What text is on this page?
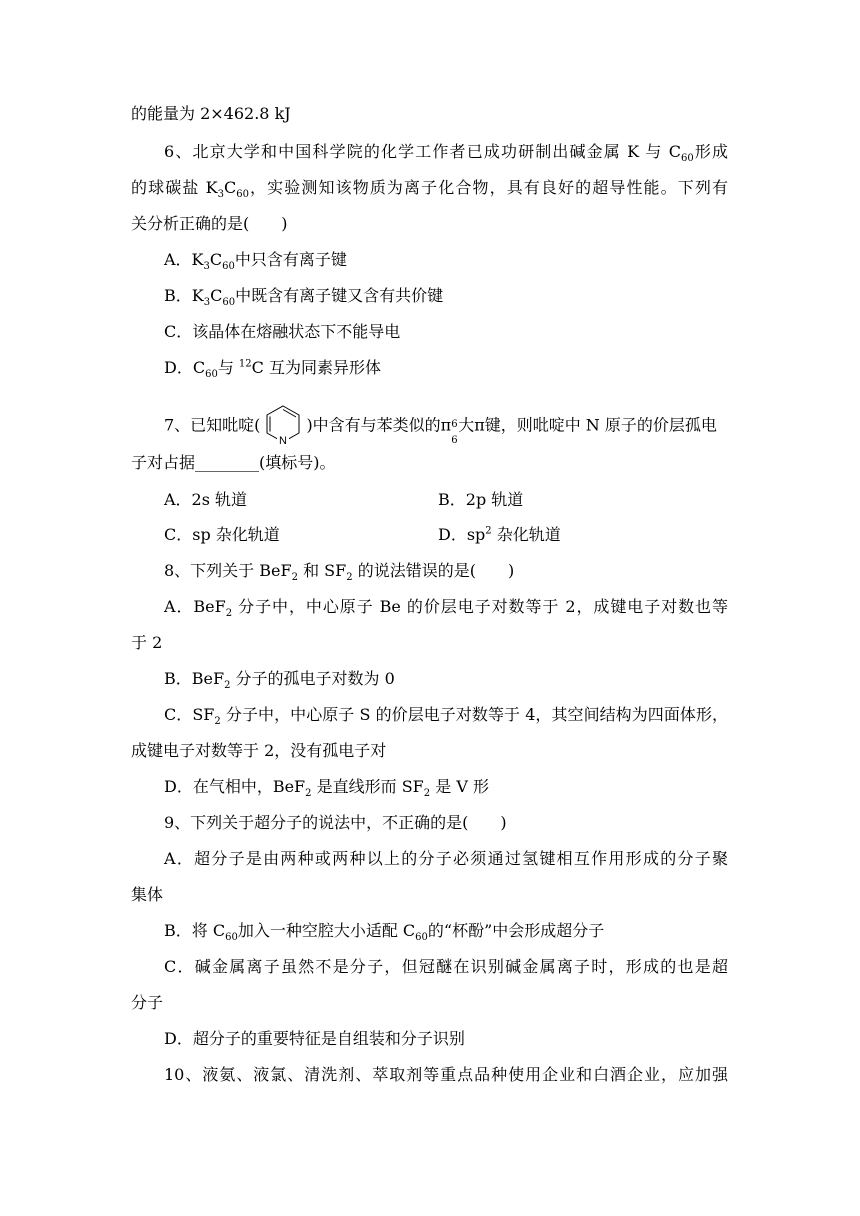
的能量为 2×462.8 kJ
6、北京大学和中国科学院的化学工作者已成功研制出碱金属 K 与 $C_{60}$形成
的球碳盐 $K_3C_{60}$，实验测知该物质为离子化合物，具有良好的超导性能。下列有
关分析正确的是(　　)
A．$K_3C_{60}$中只含有离子键
B．$K_3C_{60}$中既含有离子键又含有共价键
C．该晶体在熔融状态下不能导电
D．$C_{60}$与 $^{12}$C 互为同素异形体
7、已知吡啶(
N
)中含有与苯类似的π 6
6
大π键，则吡啶中 N 原子的价层孤电
子对占据________(填标号)。
A．2s 轨道	B．2p 轨道
C．sp 杂化轨道	D．$sp^2$ 杂化轨道
8、下列关于 BeF$_2$ 和 $SF_2$ 的说法错误的是(　　)
A．BeF$_2$ 分子中，中心原子 Be 的价层电子对数等于 2，成键电子对数也等
于 2
B．BeF$_2$ 分子的孤电子对数为 0
C．$SF_2$ 分子中，中心原子 S 的价层电子对数等于 4，其空间结构为四面体形，
成键电子对数等于 2，没有孤电子对
D．在气相中，BeF$_2$ 是直线形而 $SF_2$ 是 V 形
9、下列关于超分子的说法中，不正确的是(　　)
A．超分子是由两种或两种以上的分子必须通过氢键相互作用形成的分子聚
集体
B．将 $C_{60}$加入一种空腔大小适配 $C_{60}$的“杯酚”中会形成超分子
C．碱金属离子虽然不是分子，但冠醚在识别碱金属离子时，形成的也是超
分子
D．超分子的重要特征是自组装和分子识别
10、液氨、液氯、清洗剂、萃取剂等重点品种使用企业和白酒企业，应加强
